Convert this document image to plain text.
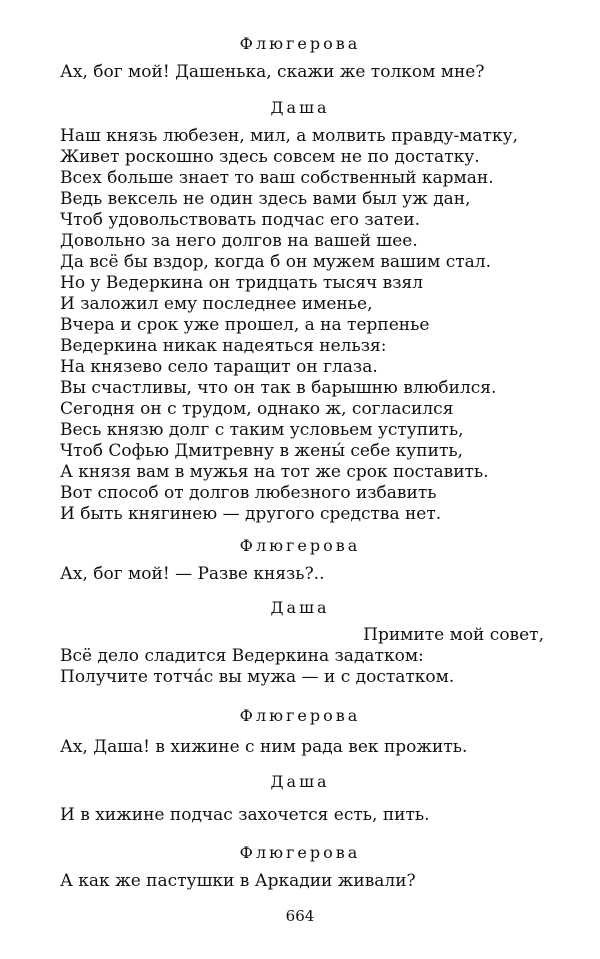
Флюгерова
Ах, бог мой! Дашенька, скажи же толком мне?
Даша
Наш князь любезен, мил, а молвить правду-матку,
Живет роскошно здесь совсем не по достатку.
Всех больше знает то ваш собственный карман.
Ведь вексель не один здесь вами был уж дан,
Чтоб удовольствовать подчас его затеи.
Довольно за него долгов на вашей шее.
Да всё бы вздор, когда б он мужем вашим стал.
Но у Ведеркина он тридцать тысяч взял
И заложил ему последнее именье,
Вчера и срок уже прошел, а на терпенье
Ведеркина никак надеяться нельзя:
На князево село таращит он глаза.
Вы счастливы, что он так в барышню влюбился.
Сегодня он с трудом, однако ж, согласился
Весь князю долг с таким условьем уступить,
Чтоб Софью Дмитревну в жены́ себе купить,
А князя вам в мужья на тот же срок поставить.
Вот способ от долгов любезного избавить
И быть княгинею — другого средства нет.
Флюгерова
Ах, бог мой! — Разве князь?..
Даша
Примите мой совет,
Всё дело сладится Ведеркина задатком:
Получите тотча́с вы мужа — и с достатком.
Флюгерова
Ах, Даша! в хижине с ним рада век прожить.
Даша
И в хижине подчас захочется есть, пить.
Флюгерова
А как же пастушки в Аркадии живали?
664
